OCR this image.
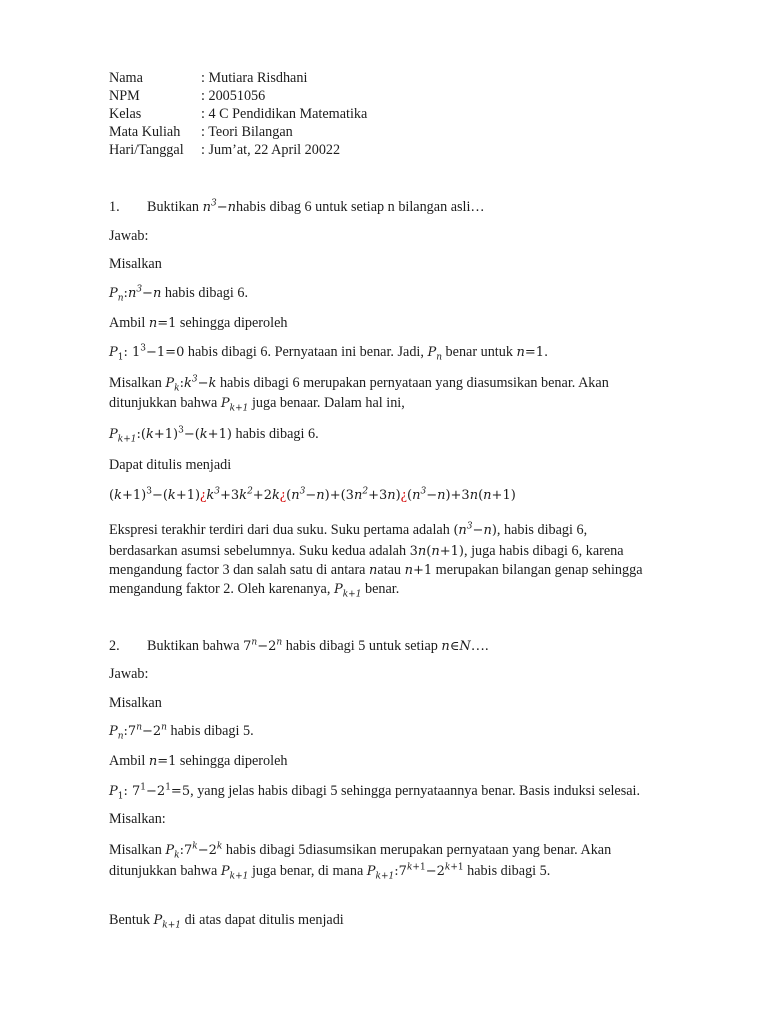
Nama	: Mutiara Risdhani
NPM	: 20051056
Kelas	: 4 C Pendidikan Matematika
Mata Kuliah : Teori Bilangan
Hari/Tanggal : Jum’at, 22 April 20022
1. Buktikan $n^3-nhabis$ dibag 6 untuk setiap n bilangan asli…
Jawab:
Misalkan
$P_n:n^3-n$ habis dibagi 6.
Ambil n=1 sehingga diperoleh
$P_1$: $1^3-1=0$ habis dibagi 6. Pernyataan ini benar. Jadi, $P_n$ benar untuk n=1.
Misalkan $P_k:k^3-k$ habis dibagi 6 merupakan pernyataan yang diasumsikan benar. Akan
ditunjukkan bahwa $P_{k+1}$ juga benaar. Dalam hal ini,
$P_{k+1}:(k+1)^3-(k+1)$ habis dibagi 6.
Dapat ditulis menjadi
$(k+1)^3-(k+1)¿k^3+3k^2+2k¿(n^3-n)+(3n^2+3n)¿(n^3-n)+3n(n+1)$
Ekspresi terakhir terdiri dari dua suku. Suku pertama adalah $(n^3-n)$, habis dibagi 6,
berdasarkan asumsi sebelumnya. Suku kedua adalah 3n(n+1), juga habis dibagi 6, karena
mengandung factor 3 dan salah satu di antara natau n+1 merupakan bilangan genap sehingga
mengandung faktor 2. Oleh karenanya, $P_{k+1}$ benar.
2. Buktikan bahwa $7^n-2^n$ habis dibagi 5 untuk setiap n∈N….
Jawab:
Misalkan
$P_n:7^n-2^n$ habis dibagi 5.
Ambil n=1 sehingga diperoleh
$P_1$: $7^1-2^1=5$, yang jelas habis dibagi 5 sehingga pernyataannya benar. Basis induksi selesai.
Misalkan:
Misalkan $P_k:7^k-2^k$ habis dibagi 5diasumsikan merupakan pernyataan yang benar. Akan
ditunjukkan bahwa $P_{k+1}$ juga benar, di mana $P_{k+1}:7^{k+1}-2^{k+1}$ habis dibagi 5.
Bentuk $P_{k+1}$ di atas dapat ditulis menjadi
